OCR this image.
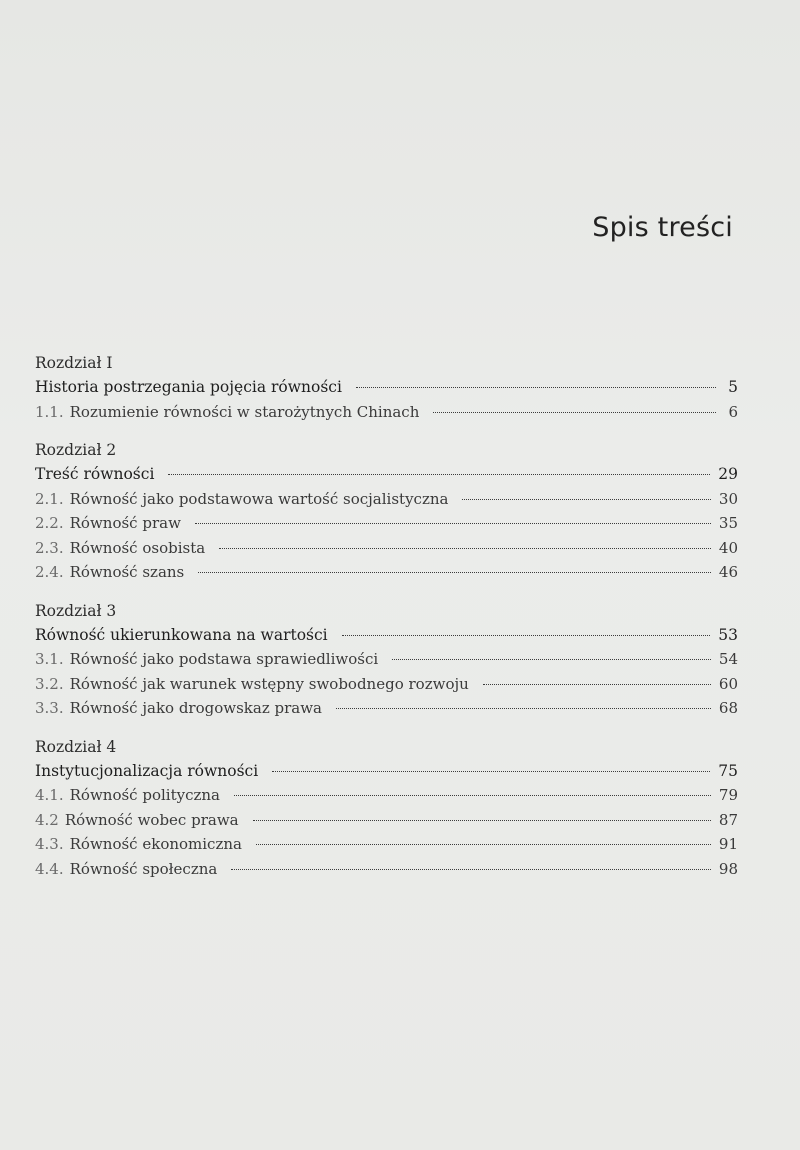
Spis treści
Rozdział I
Historia postrzegania pojęcia równości	5
1.1. Rozumienie równości w starożytnych Chinach	6
Rozdział 2
Treść równości	29
2.1. Równość jako podstawowa wartość socjalistyczna	30
2.2. Równość praw	35
2.3. Równość osobista	40
2.4. Równość szans	46
Rozdział 3
Równość ukierunkowana na wartości	53
3.1. Równość jako podstawa sprawiedliwości	54
3.2. Równość jak warunek wstępny swobodnego rozwoju	60
3.3. Równość jako drogowskaz prawa	68
Rozdział 4
Instytucjonalizacja równości	75
4.1. Równość polityczna	79
4.2 Równość wobec prawa	87
4.3. Równość ekonomiczna	91
4.4. Równość społeczna	98
